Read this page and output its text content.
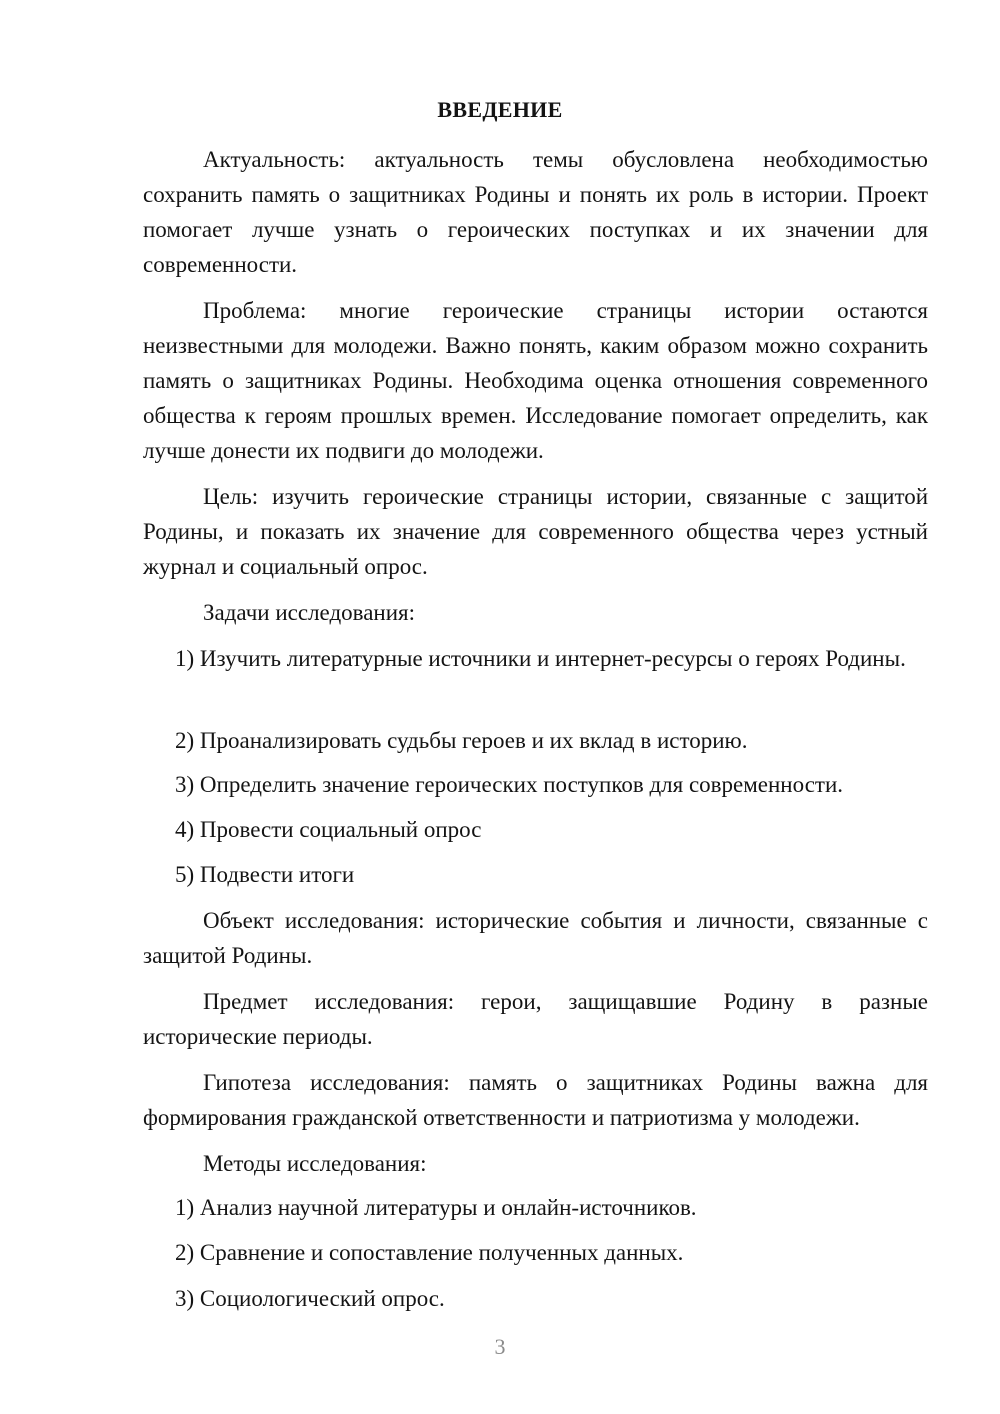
ВВЕДЕНИЕ
Актуальность: актуальность темы обусловлена необходимостью сохранить память о защитниках Родины и понять их роль в истории. Проект помогает лучше узнать о героических поступках и их значении для современности.
Проблема: многие героические страницы истории остаются неизвестными для молодежи. Важно понять, каким образом можно сохранить память о защитниках Родины. Необходима оценка отношения современного общества к героям прошлых времен. Исследование помогает определить, как лучше донести их подвиги до молодежи.
Цель: изучить героические страницы истории, связанные с защитой Родины, и показать их значение для современного общества через устный журнал и социальный опрос.
Задачи исследования:
1) Изучить литературные источники и интернет-ресурсы о героях Родины.
2) Проанализировать судьбы героев и их вклад в историю.
3) Определить значение героических поступков для современности.
4) Провести социальный опрос
5) Подвести итоги
Объект исследования: исторические события и личности, связанные с защитой Родины.
Предмет исследования: герои, защищавшие Родину в разные исторические периоды.
Гипотеза исследования: память о защитниках Родины важна для формирования гражданской ответственности и патриотизма у молодежи.
Методы исследования:
1) Анализ научной литературы и онлайн-источников.
2) Сравнение и сопоставление полученных данных.
3) Социологический опрос.
3
